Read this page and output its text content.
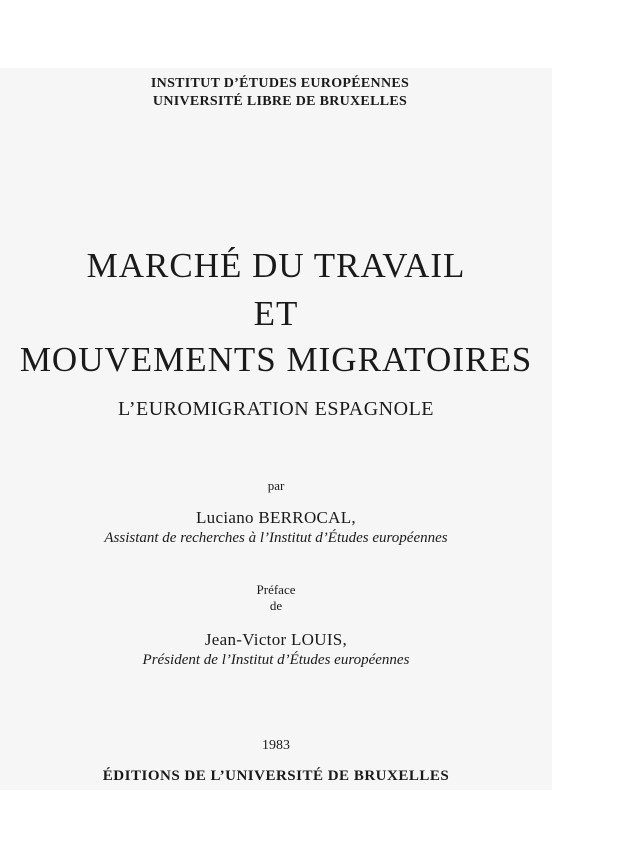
INSTITUT D’ÉTUDES EUROPÉENNES
UNIVERSITÉ LIBRE DE BRUXELLES
MARCHÉ DU TRAVAIL
ET
MOUVEMENTS MIGRATOIRES
L’EUROMIGRATION ESPAGNOLE
par
Luciano BERROCAL,
Assistant de recherches à l’Institut d’Études européennes
Préface
de
Jean-Victor LOUIS,
Président de l’Institut d’Études européennes
1983
ÉDITIONS DE L’UNIVERSITÉ DE BRUXELLES
